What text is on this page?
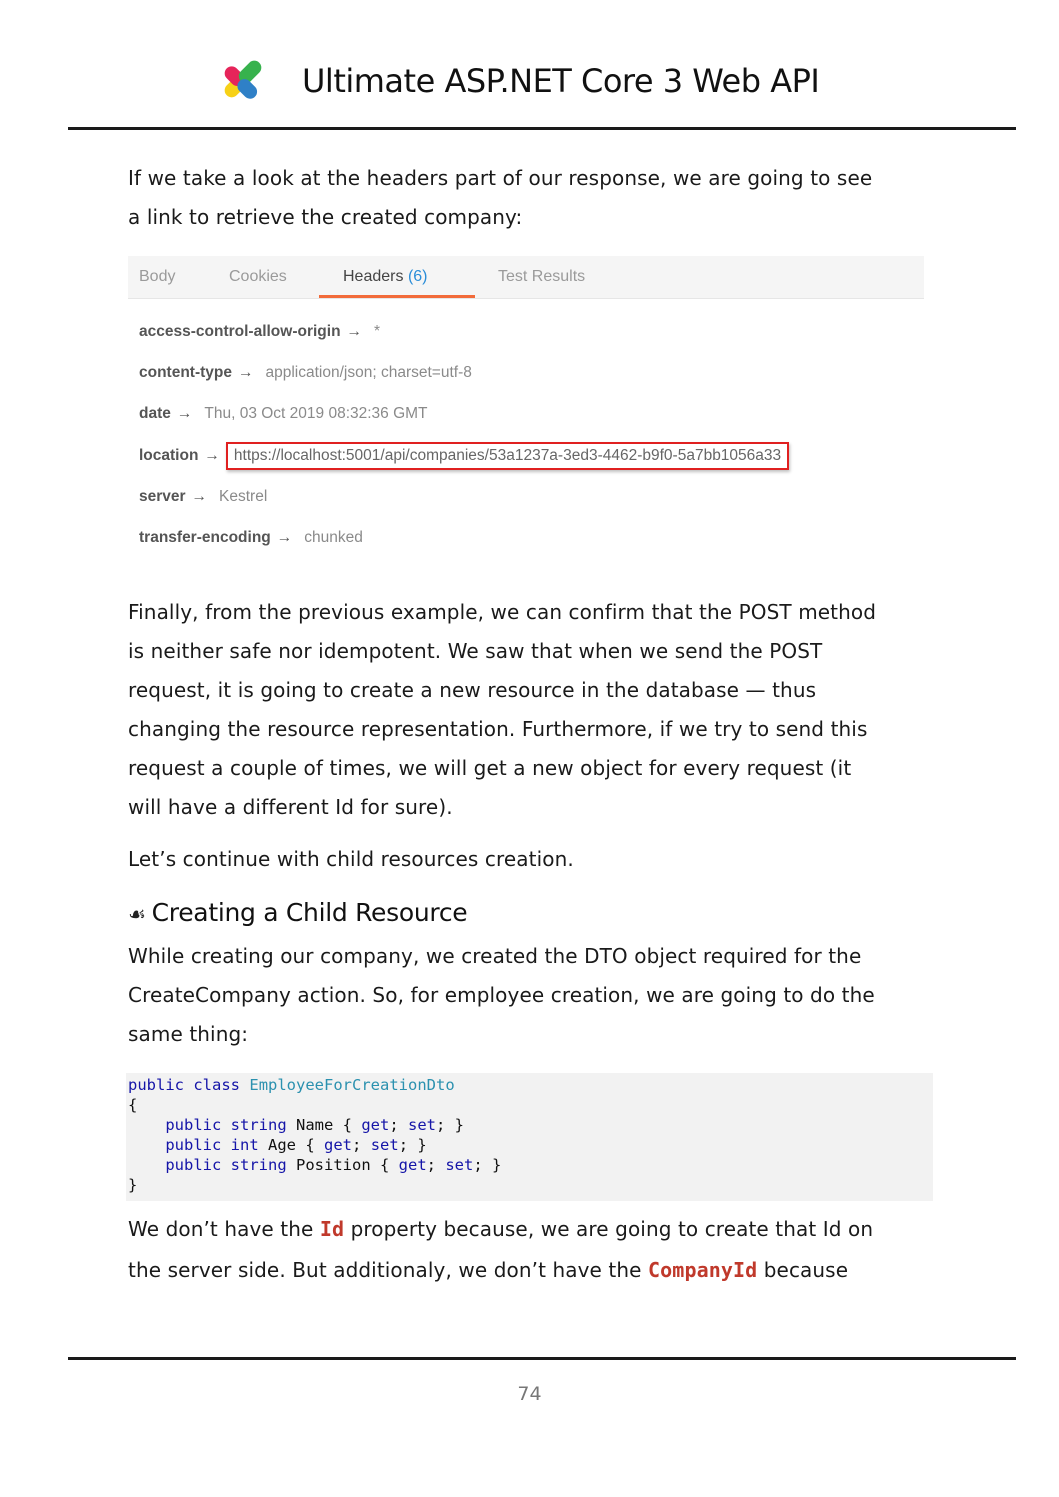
Ultimate ASP.NET Core 3 Web API
If we take a look at the headers part of our response, we are going to see
a link to retrieve the created company:
Body	Cookies	Headers (6)	Test Results
access-control-allow-origin → *
content-type → application/json; charset=utf-8
date → Thu, 03 Oct 2019 08:32:36 GMT
location → https://localhost:5001/api/companies/53a1237a-3ed3-4462-b9f0-5a7bb1056a33
server → Kestrel
transfer-encoding → chunked
Finally, from the previous example, we can confirm that the POST method
is neither safe nor idempotent. We saw that when we send the POST
request, it is going to create a new resource in the database — thus
changing the resource representation. Furthermore, if we try to send this
request a couple of times, we will get a new object for every request (it
will have a different Id for sure).
Let’s continue with child resources creation.
☙ Creating a Child Resource
While creating our company, we created the DTO object required for the
CreateCompany action. So, for employee creation, we are going to do the
same thing:
public class EmployeeForCreationDto
{
public string Name { get; set; }
public int Age { get; set; }
public string Position { get; set; }
}
We don’t have the Id property because, we are going to create that Id on
the server side. But additionaly, we don’t have the CompanyId because
74
